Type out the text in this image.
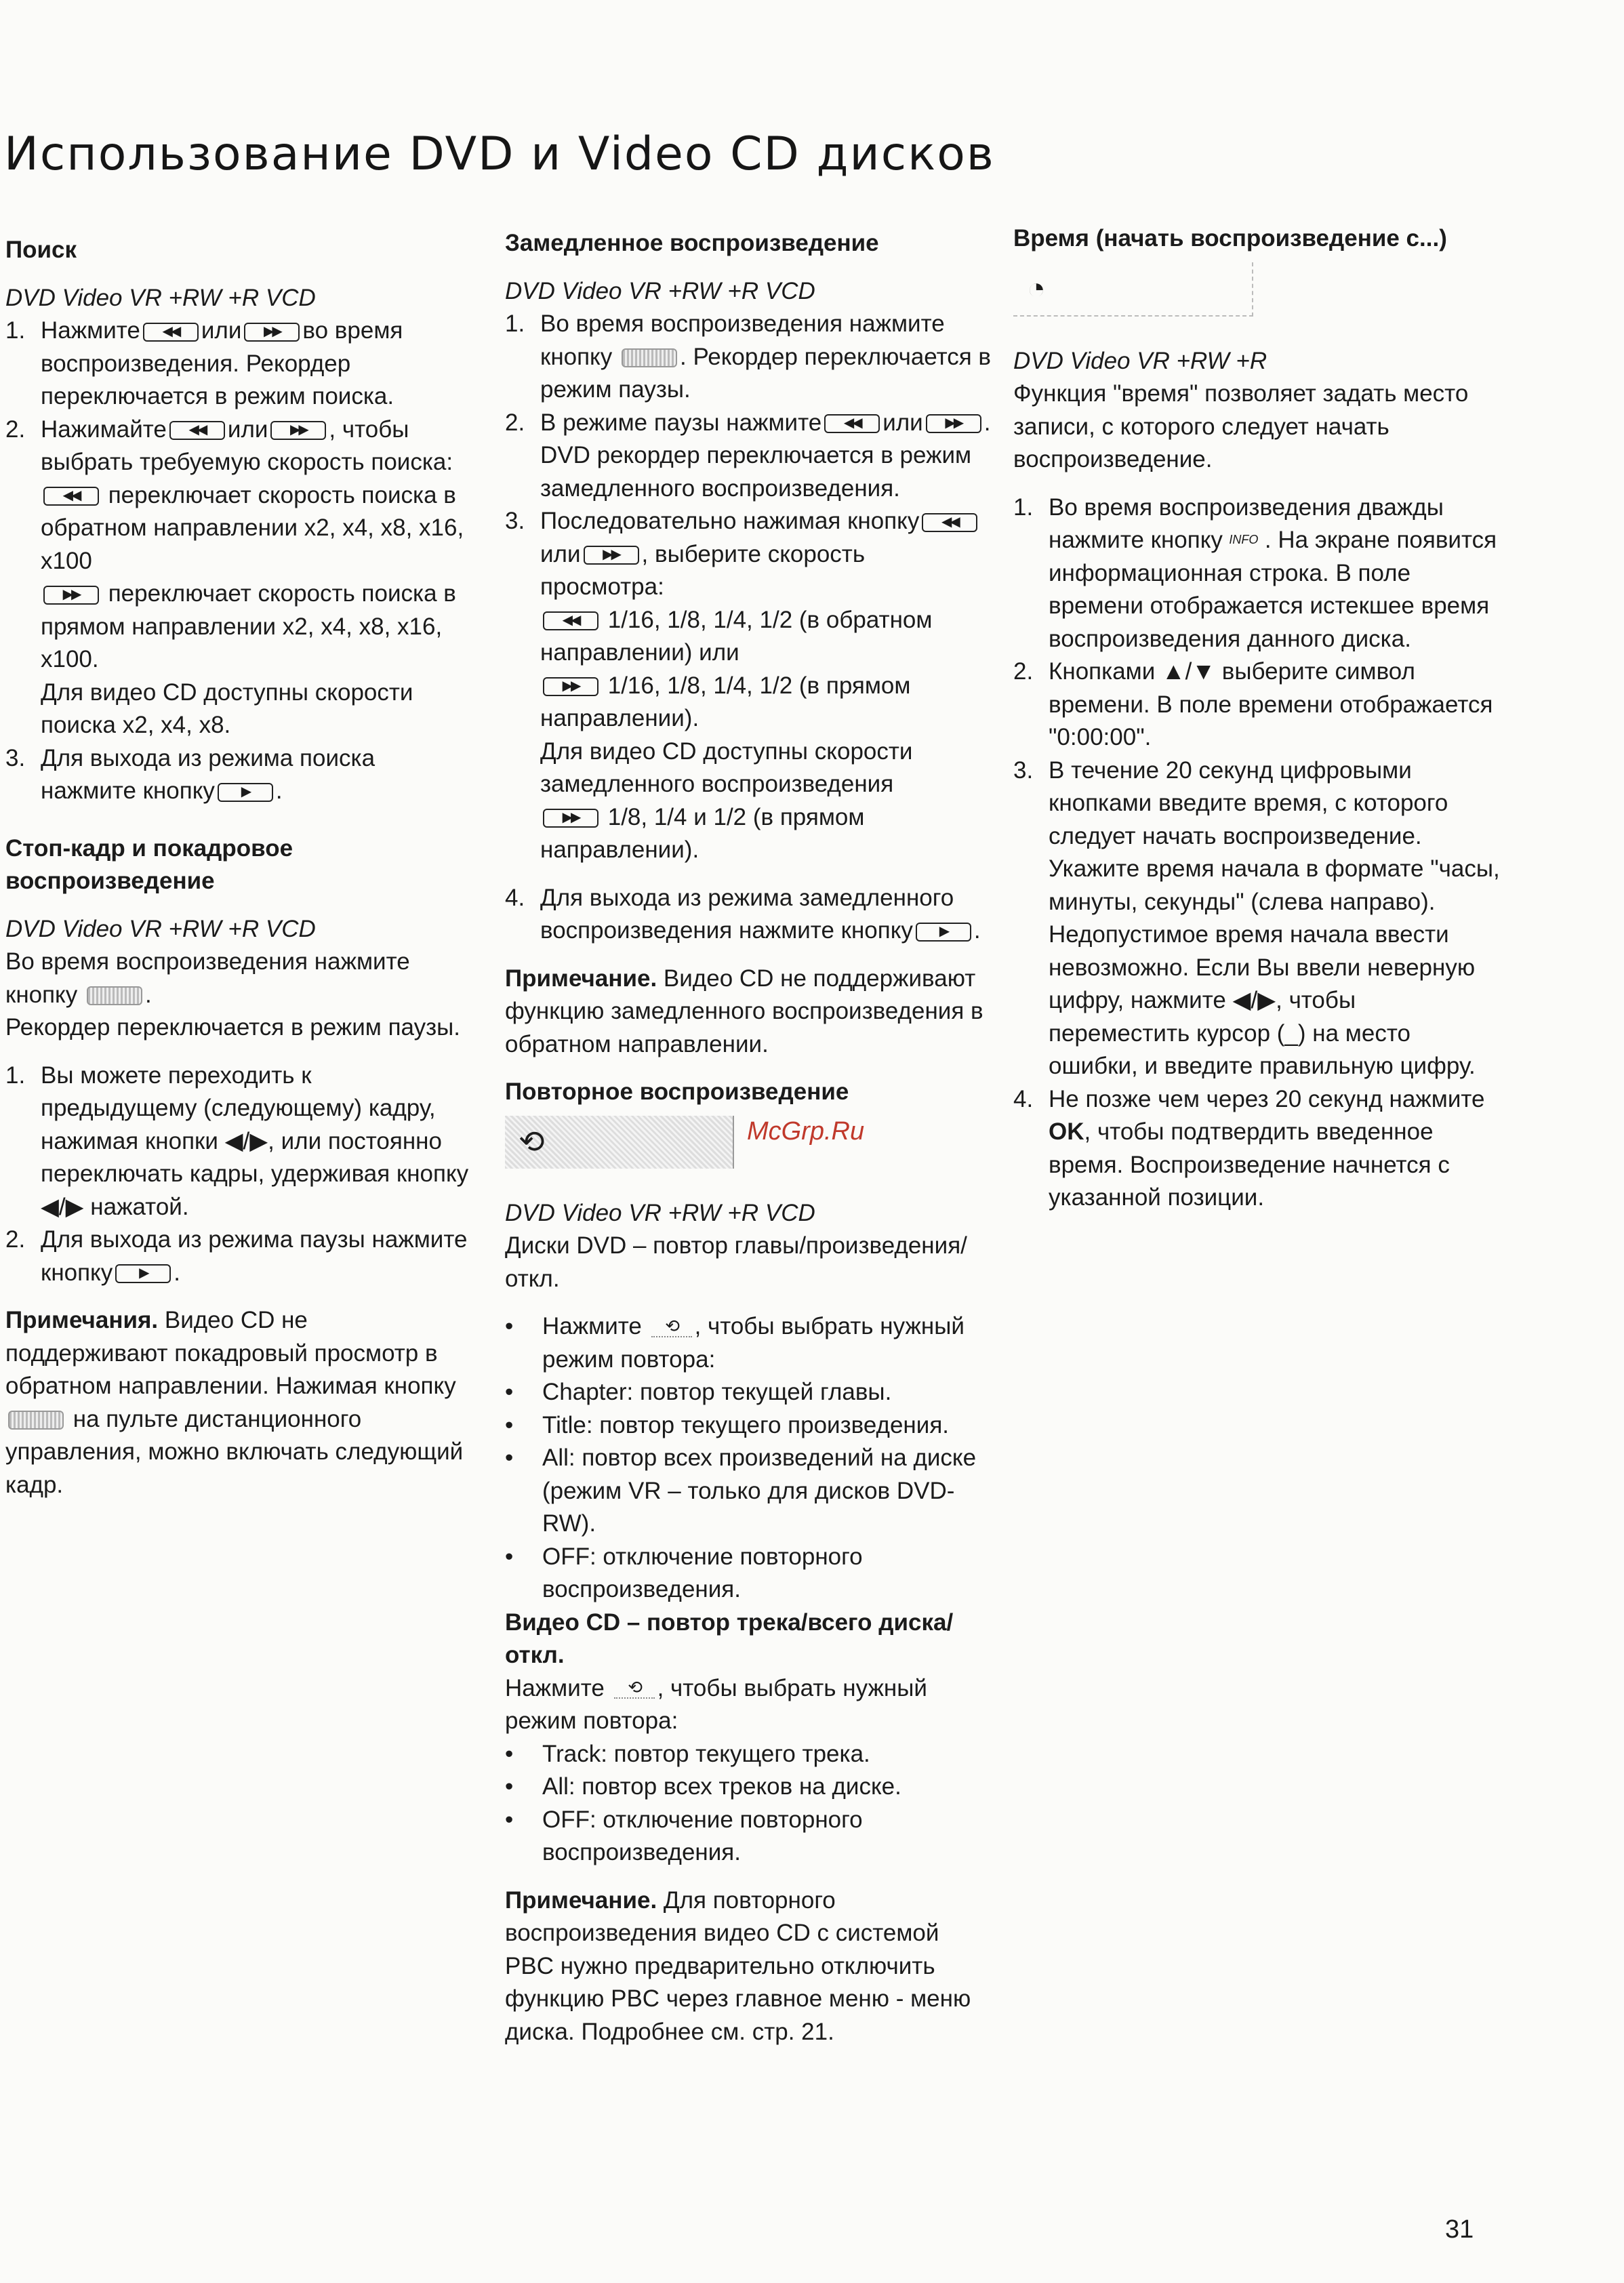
Использование DVD и Video CD дисков

Поиск

DVD Video VR +RW +R VCD

1. Нажмите ◀◀	или ▶▶	во время воспроизведения. Рекордер переключается в режим поиска.
2. Нажимайте ◀◀	или ▶▶	, чтобы выбрать требуемую скорость поиска:
◀◀ переключает скорость поиска в обратном направлении x2, x4, x8, x16, x100
▶▶ переключает скорость поиска в прямом направлении x2, x4, x8, x16, x100.
Для видео CD доступны скорости поиска x2, x4, x8.
3. Для выхода из режима поиска нажмите кнопку ▶	.

Стоп-кадр и покадровое воспроизведение

DVD Video VR +RW +R VCD

Во время воспроизведения нажмите кнопку	.

Рекордер переключается в режим паузы.

1. Вы можете переходить к предыдущему (следующему) кадру, нажимая кнопки ◀/▶, или постоянно переключать кадры, удерживая кнопку ◀/▶ нажатой.
2. Для выхода из режима паузы нажмите кнопку ▶	.

Примечания. Видео CD не поддерживают покадровый просмотр в обратном направлении. Нажимая кнопку  на пульте дистанционного управления, можно включать следующий кадр.

Замедленное воспроизведение

DVD Video VR +RW +R VCD

1. Во время воспроизведения нажмите кнопку	. Рекордер переключается в режим паузы.
2. В режиме паузы нажмите ◀◀	или ▶▶	. DVD рекордер переключается в режим замедленного воспроизведения.
3. Последовательно нажимая кнопку◀◀или ▶▶	, выберите скорость просмотра:
◀◀ 1/16, 1/8, 1/4, 1/2 (в обратном направлении) или
▶▶ 1/16, 1/8, 1/4, 1/2 (в прямом направлении).
Для видео CD доступны скорости замедленного воспроизведения
▶▶ 1/8, 1/4 и 1/2 (в прямом направлении).
4. Для выхода из режима замедленного воспроизведения нажмите кнопку▶	.

Примечание. Видео CD не поддерживают функцию замедленного воспроизведения в обратном направлении.

Повторное воспроизведение

⟲

DVD Video VR +RW +R VCD

Диски DVD – повтор главы/произведения/откл.

• Нажмите ⟲ , чтобы выбрать нужный режим повтора:
• Chapter: повтор текущей главы.
• Title: повтор текущего произведения.
• All: повтор всех произведений на диске (режим VR – только для дисков DVD-RW).
• OFF: отключение повторного воспроизведения.

Видео CD – повтор трека/всего диска/откл.

Нажмите ⟲ , чтобы выбрать нужный режим повтора:

• Track: повтор текущего трека.
• All: повтор всех треков на диске.
• OFF: отключение повторного воспроизведения.

Примечание. Для повторного воспроизведения видео CD с системой PBC нужно предварительно отключить функцию PBC через главное меню - меню диска. Подробнее см. стр. 21.

Время (начать воспроизведение с...)

◔

DVD Video VR +RW +R

Функция "время" позволяет задать место записи, с которого следует начать воспроизведение.

1. Во время воспроизведения дважды нажмите кнопку INFO . На экране появится информационная строка. В поле времени отображается истекшее время воспроизведения данного диска.
2. Кнопками ▲/▼ выберите символ времени. В поле времени отображается "0:00:00".
3. В течение 20 секунд цифровыми кнопками введите время, с которого следует начать воспроизведение. Укажите время начала в формате "часы, минуты, секунды" (слева направо). Недопустимое время начала ввести невозможно. Если Вы ввели неверную цифру, нажмите ◀/▶, чтобы переместить курсор (_) на место ошибки, и введите правильную цифру.
4. Не позже чем через 20 секунд нажмите OK, чтобы подтвердить введенное время. Воспроизведение начнется с указанной позиции.
McGrp.Ru
31
